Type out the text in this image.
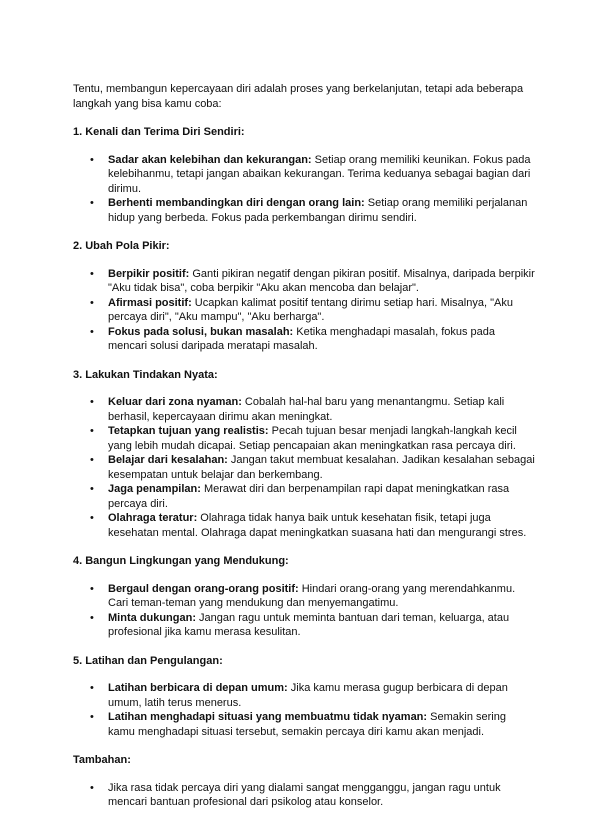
Tentu, membangun kepercayaan diri adalah proses yang berkelanjutan, tetapi ada beberapa langkah yang bisa kamu coba:

1. Kenali dan Terima Diri Sendiri:
• Sadar akan kelebihan dan kekurangan: Setiap orang memiliki keunikan. Fokus pada kelebihanmu, tetapi jangan abaikan kekurangan. Terima keduanya sebagai bagian dari dirimu.
• Berhenti membandingkan diri dengan orang lain: Setiap orang memiliki perjalanan hidup yang berbeda. Fokus pada perkembangan dirimu sendiri.
2. Ubah Pola Pikir:
• Berpikir positif: Ganti pikiran negatif dengan pikiran positif. Misalnya, daripada berpikir "Aku tidak bisa", coba berpikir "Aku akan mencoba dan belajar".
• Afirmasi positif: Ucapkan kalimat positif tentang dirimu setiap hari. Misalnya, "Aku percaya diri", "Aku mampu", "Aku berharga".
• Fokus pada solusi, bukan masalah: Ketika menghadapi masalah, fokus pada mencari solusi daripada meratapi masalah.
3. Lakukan Tindakan Nyata:
• Keluar dari zona nyaman: Cobalah hal-hal baru yang menantangmu. Setiap kali berhasil, kepercayaan dirimu akan meningkat.
• Tetapkan tujuan yang realistis: Pecah tujuan besar menjadi langkah-langkah kecil yang lebih mudah dicapai. Setiap pencapaian akan meningkatkan rasa percaya diri.
• Belajar dari kesalahan: Jangan takut membuat kesalahan. Jadikan kesalahan sebagai kesempatan untuk belajar dan berkembang.
• Jaga penampilan: Merawat diri dan berpenampilan rapi dapat meningkatkan rasa percaya diri.
• Olahraga teratur: Olahraga tidak hanya baik untuk kesehatan fisik, tetapi juga kesehatan mental. Olahraga dapat meningkatkan suasana hati dan mengurangi stres.
4. Bangun Lingkungan yang Mendukung:
• Bergaul dengan orang-orang positif: Hindari orang-orang yang merendahkanmu. Cari teman-teman yang mendukung dan menyemangatimu.
• Minta dukungan: Jangan ragu untuk meminta bantuan dari teman, keluarga, atau profesional jika kamu merasa kesulitan.
5. Latihan dan Pengulangan:
• Latihan berbicara di depan umum: Jika kamu merasa gugup berbicara di depan umum, latih terus menerus.
• Latihan menghadapi situasi yang membuatmu tidak nyaman: Semakin sering kamu menghadapi situasi tersebut, semakin percaya diri kamu akan menjadi.
Tambahan:
• Jika rasa tidak percaya diri yang dialami sangat mengganggu, jangan ragu untuk mencari bantuan profesional dari psikolog atau konselor.
